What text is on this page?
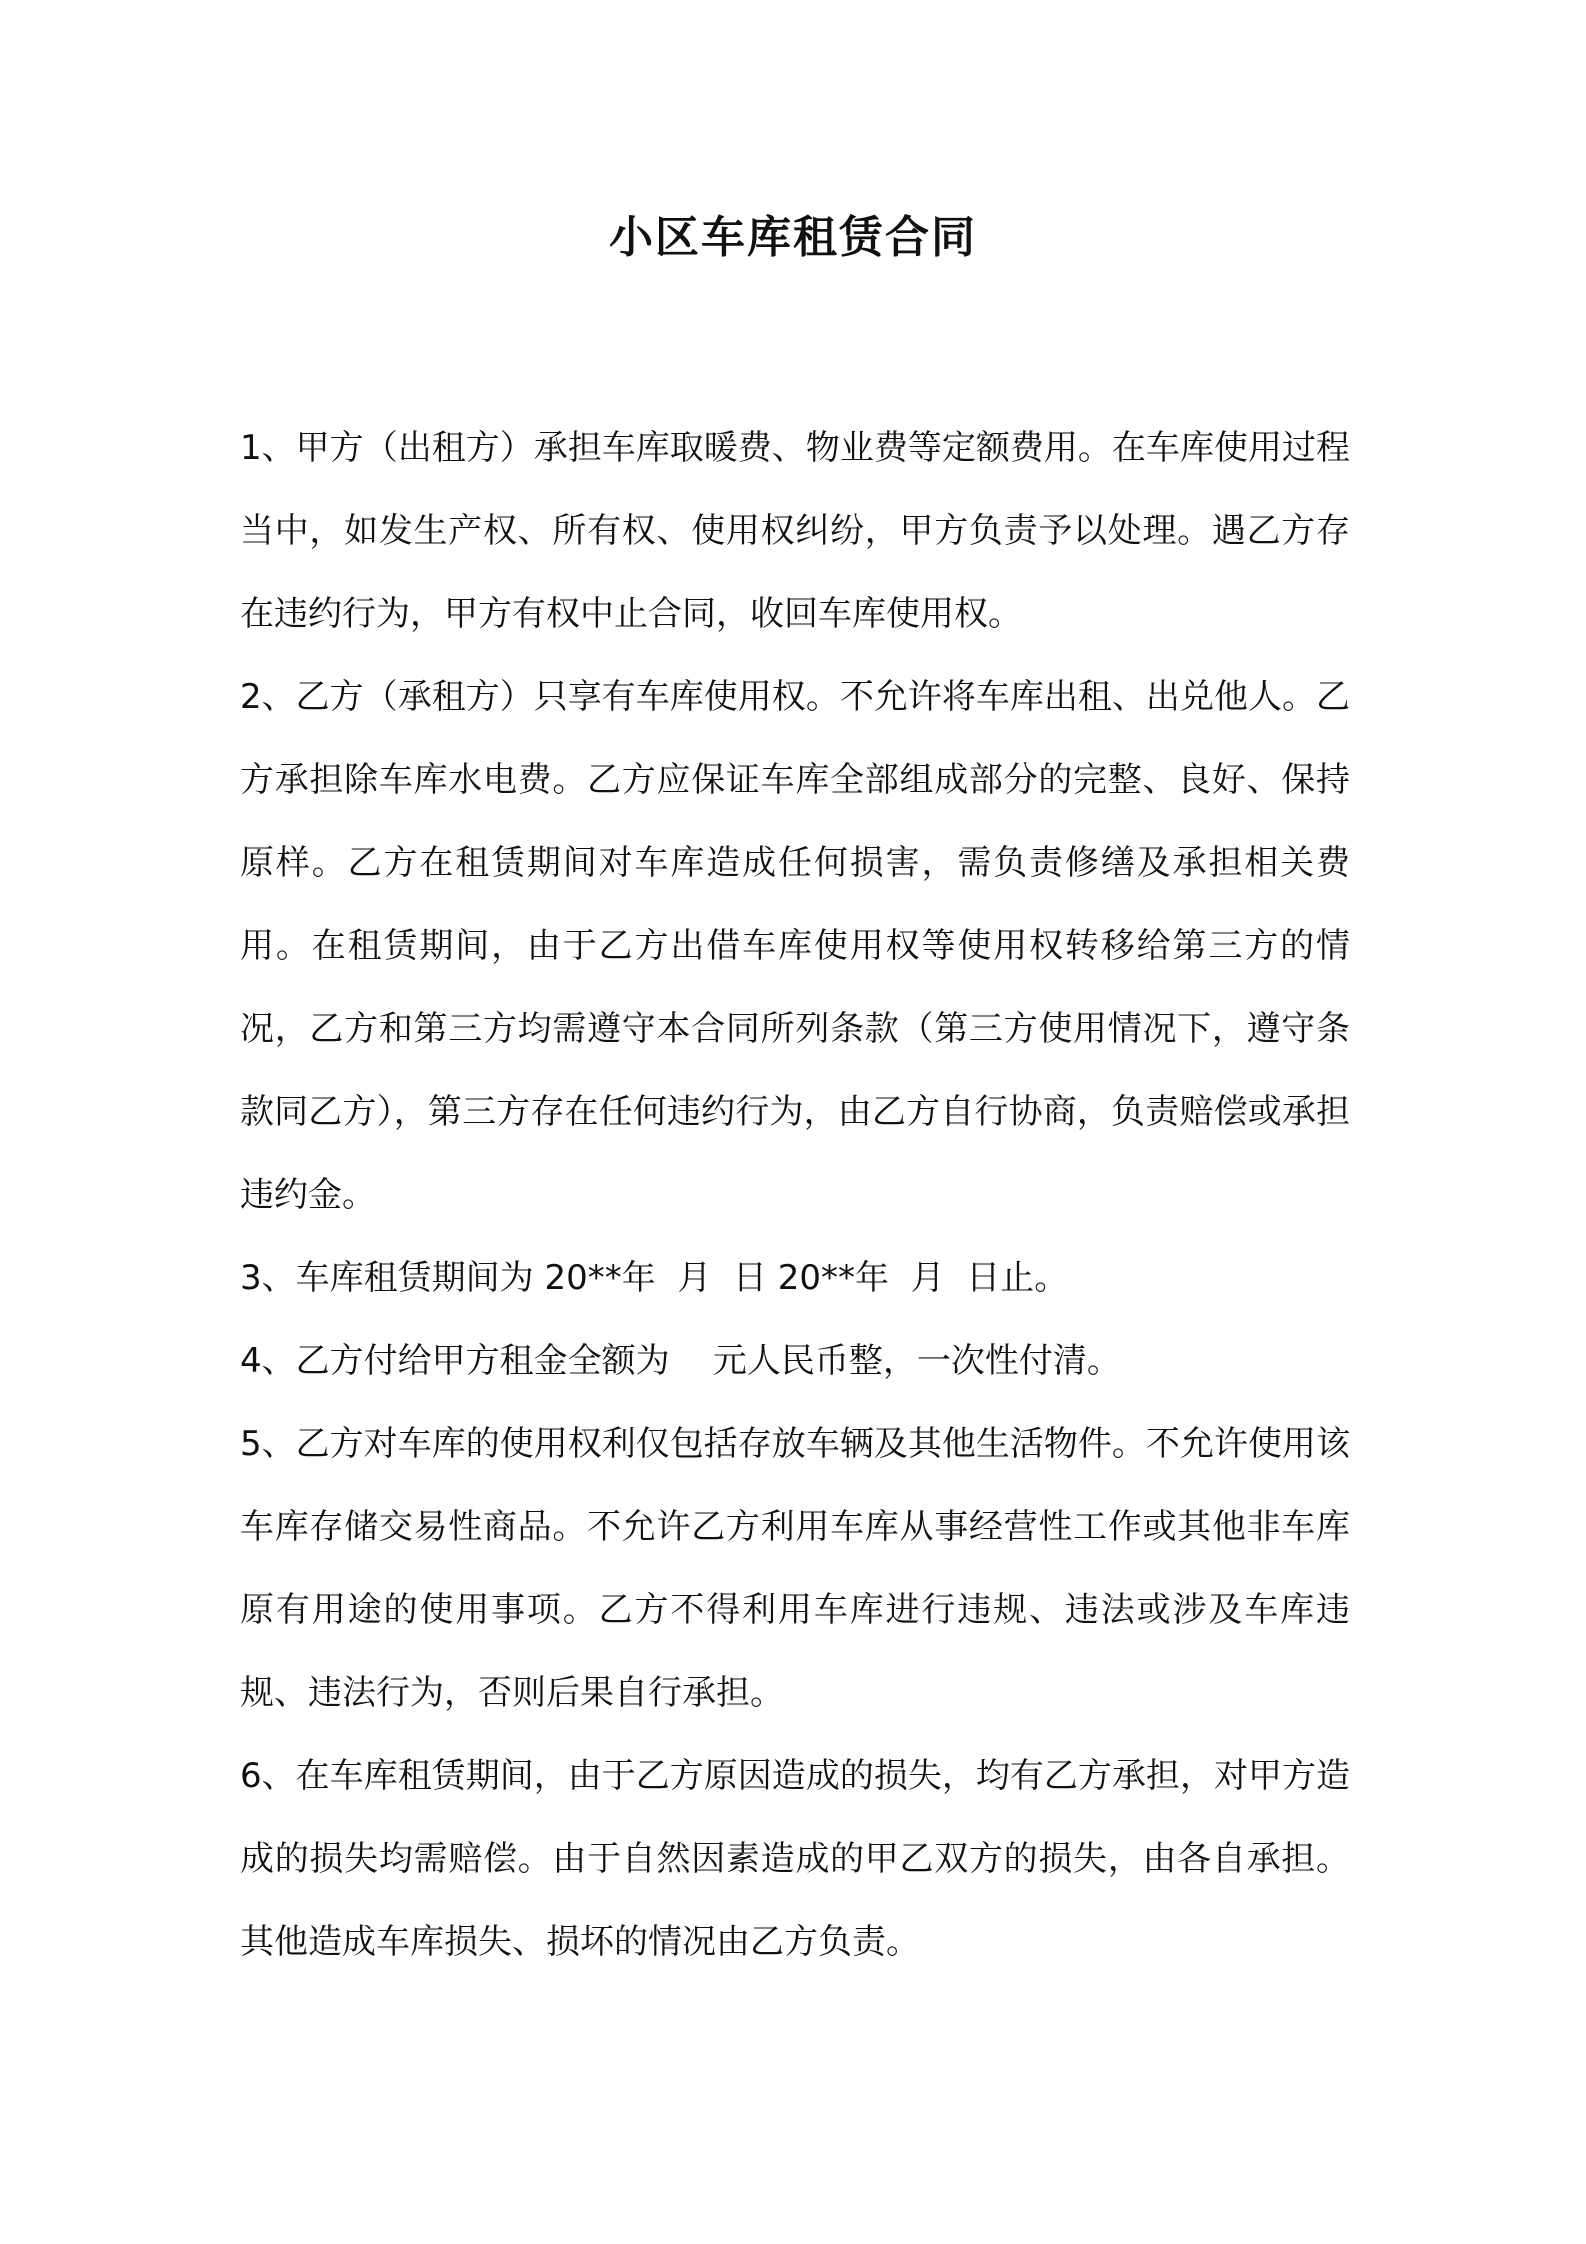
小区车库租赁合同

1、甲方（出租方）承担车库取暖费、物业费等定额费用。在车库使用过程当中，如发生产权、所有权、使用权纠纷，甲方负责予以处理。遇乙方存在违约行为，甲方有权中止合同，收回车库使用权。

2、乙方（承租方）只享有车库使用权。不允许将车库出租、出兑他人。乙方承担除车库水电费。乙方应保证车库全部组成部分的完整、良好、保持原样。乙方在租赁期间对车库造成任何损害，需负责修缮及承担相关费用。在租赁期间，由于乙方出借车库使用权等使用权转移给第三方的情况，乙方和第三方均需遵守本合同所列条款（第三方使用情况下，遵守条款同乙方），第三方存在任何违约行为，由乙方自行协商，负责赔偿或承担违约金。

3、车库租赁期间为 20**年  月  日 20**年  月  日止。

4、乙方付给甲方租金全额为    元人民币整，一次性付清。

5、乙方对车库的使用权利仅包括存放车辆及其他生活物件。不允许使用该车库存储交易性商品。不允许乙方利用车库从事经营性工作或其他非车库原有用途的使用事项。乙方不得利用车库进行违规、违法或涉及车库违规、违法行为，否则后果自行承担。

6、在车库租赁期间，由于乙方原因造成的损失，均有乙方承担，对甲方造成的损失均需赔偿。由于自然因素造成的甲乙双方的损失，由各自承担。其他造成车库损失、损坏的情况由乙方负责。
